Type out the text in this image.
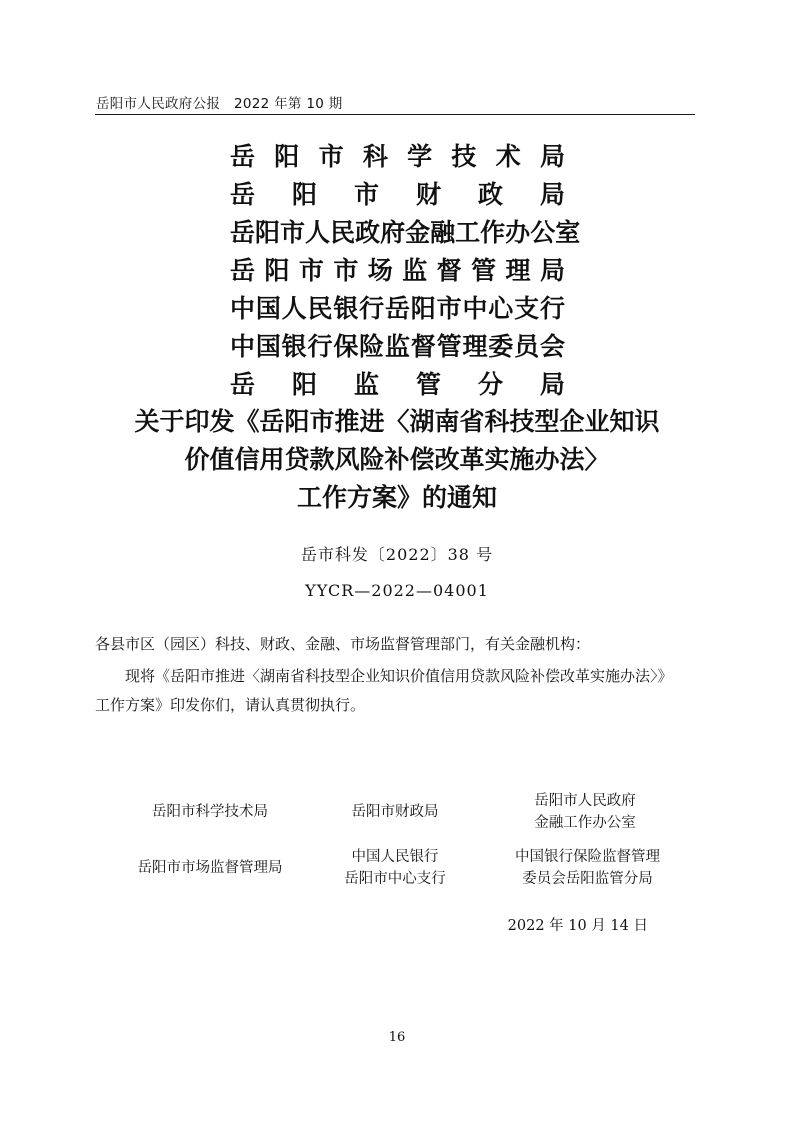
岳阳市人民政府公报 2022 年第 10 期
岳 阳 市 科 学 技 术 局
岳 阳 市 财 政 局
岳 阳 市 人 民 政 府 金 融 工 作 办 公 室
岳 阳 市 市 场 监 督 管 理 局
中 国 人 民 银 行 岳 阳 市 中 心 支 行
中 国 银 行 保 险 监 督 管 理 委 员 会
岳 阳 监 管 分 局
关于印发《岳阳市推进〈湖南省科技型企业知识
价值信用贷款风险补偿改革实施办法〉
工作方案》的通知
岳市科发〔2022〕38 号
YYCR—2022—04001
各县市区（园区）科技、财政、金融、市场监督管理部门，有关金融机构：
现将《岳阳市推进〈湖南省科技型企业知识价值信用贷款风险补偿改革实施办法〉》
工作方案》印发你们，请认真贯彻执行。
岳阳市科学技术局	岳阳市财政局
岳阳市人民政府
金融工作办公室
岳阳市市场监督管理局
中国人民银行
岳阳市中心支行
中国银行保险监督管理
委员会岳阳监管分局
2022 年 10 月 14 日
16
